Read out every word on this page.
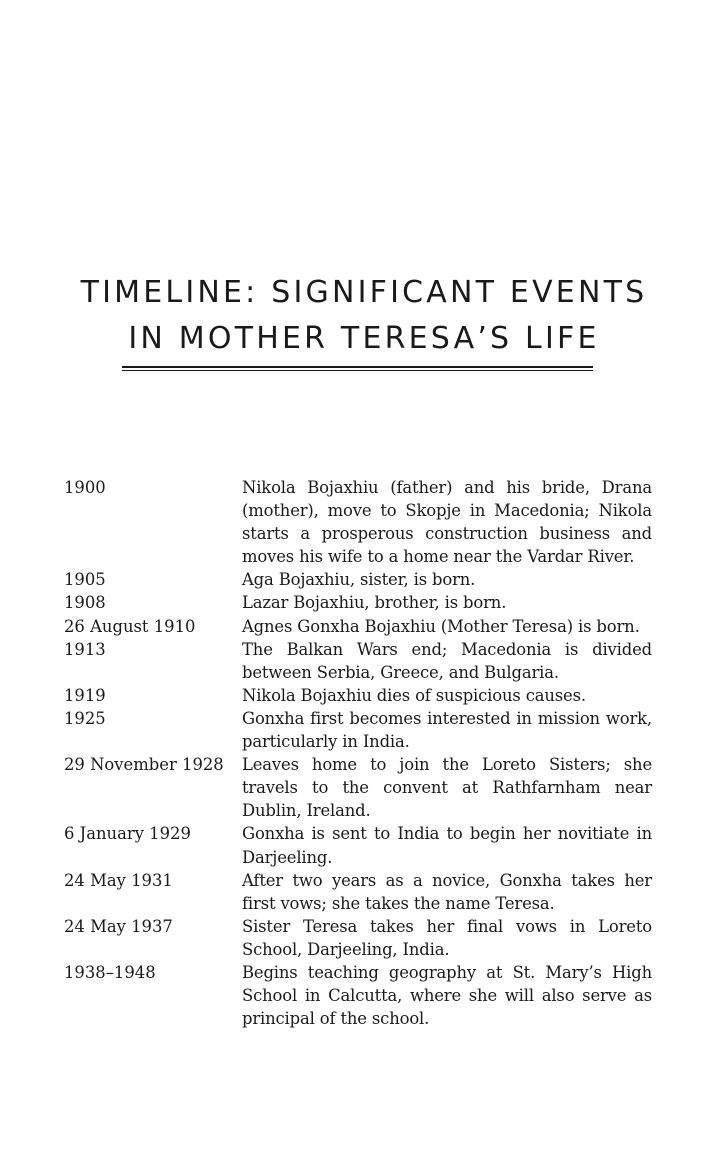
TIMELINE: SIGNIFICANT EVENTS
IN MOTHER TERESA’S LIFE
1900	Nikola Bojaxhiu (father) and his bride, Drana (mother), move to Skopje in Macedonia; Nikola starts a prosperous construction business and moves his wife to a home near the Vardar River.
1905	Aga Bojaxhiu, sister, is born.
1908	Lazar Bojaxhiu, brother, is born.
26 August 1910	Agnes Gonxha Bojaxhiu (Mother Teresa) is born.
1913	The Balkan Wars end; Macedonia is divided between Serbia, Greece, and Bulgaria.
1919	Nikola Bojaxhiu dies of suspicious causes.
1925	Gonxha first becomes interested in mission work, particularly in India.
29 November 1928	Leaves home to join the Loreto Sisters; she travels to the convent at Rathfarnham near Dublin, Ireland.
6 January 1929	Gonxha is sent to India to begin her novitiate in Darjeeling.
24 May 1931	After two years as a novice, Gonxha takes her first vows; she takes the name Teresa.
24 May 1937	Sister Teresa takes her final vows in Loreto School, Darjeeling, India.
1938–1948	Begins teaching geography at St. Mary’s High School in Calcutta, where she will also serve as principal of the school.
